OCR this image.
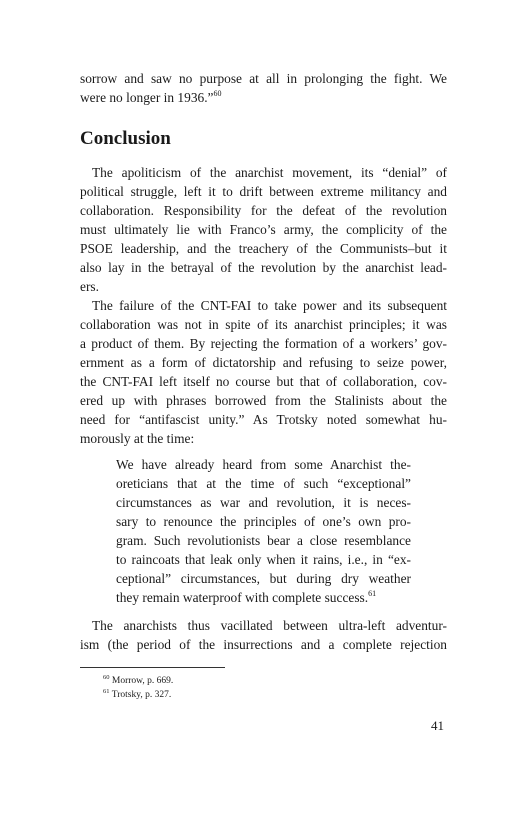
sorrow and saw no purpose at all in prolonging the fight. We
were no longer in 1936.”$^{60}$
Conclusion
The apoliticism of the anarchist movement, its “denial” of
political struggle, left it to drift between extreme militancy and
collaboration. Responsibility for the defeat of the revolution
must ultimately lie with Franco’s army, the complicity of the
PSOE leadership, and the treachery of the Communists–but it
also lay in the betrayal of the revolution by the anarchist lead-
ers.
The failure of the CNT-FAI to take power and its subsequent
collaboration was not in spite of its anarchist principles; it was
a product of them. By rejecting the formation of a workers’ gov-
ernment as a form of dictatorship and refusing to seize power,
the CNT-FAI left itself no course but that of collaboration, cov-
ered up with phrases borrowed from the Stalinists about the
need for “antifascist unity.” As Trotsky noted somewhat hu-
morously at the time:
We have already heard from some Anarchist the-
oreticians that at the time of such “exceptional”
circumstances as war and revolution, it is neces-
sary to renounce the principles of one’s own pro-
gram. Such revolutionists bear a close resemblance
to raincoats that leak only when it rains, i.e., in “ex-
ceptional” circumstances, but during dry weather
they remain waterproof with complete success.$^{61}$
The anarchists thus vacillated between ultra-left adventur-
ism (the period of the insurrections and a complete rejection
$^{60}$ Morrow, p. 669.
$^{61}$ Trotsky, p. 327.
41
